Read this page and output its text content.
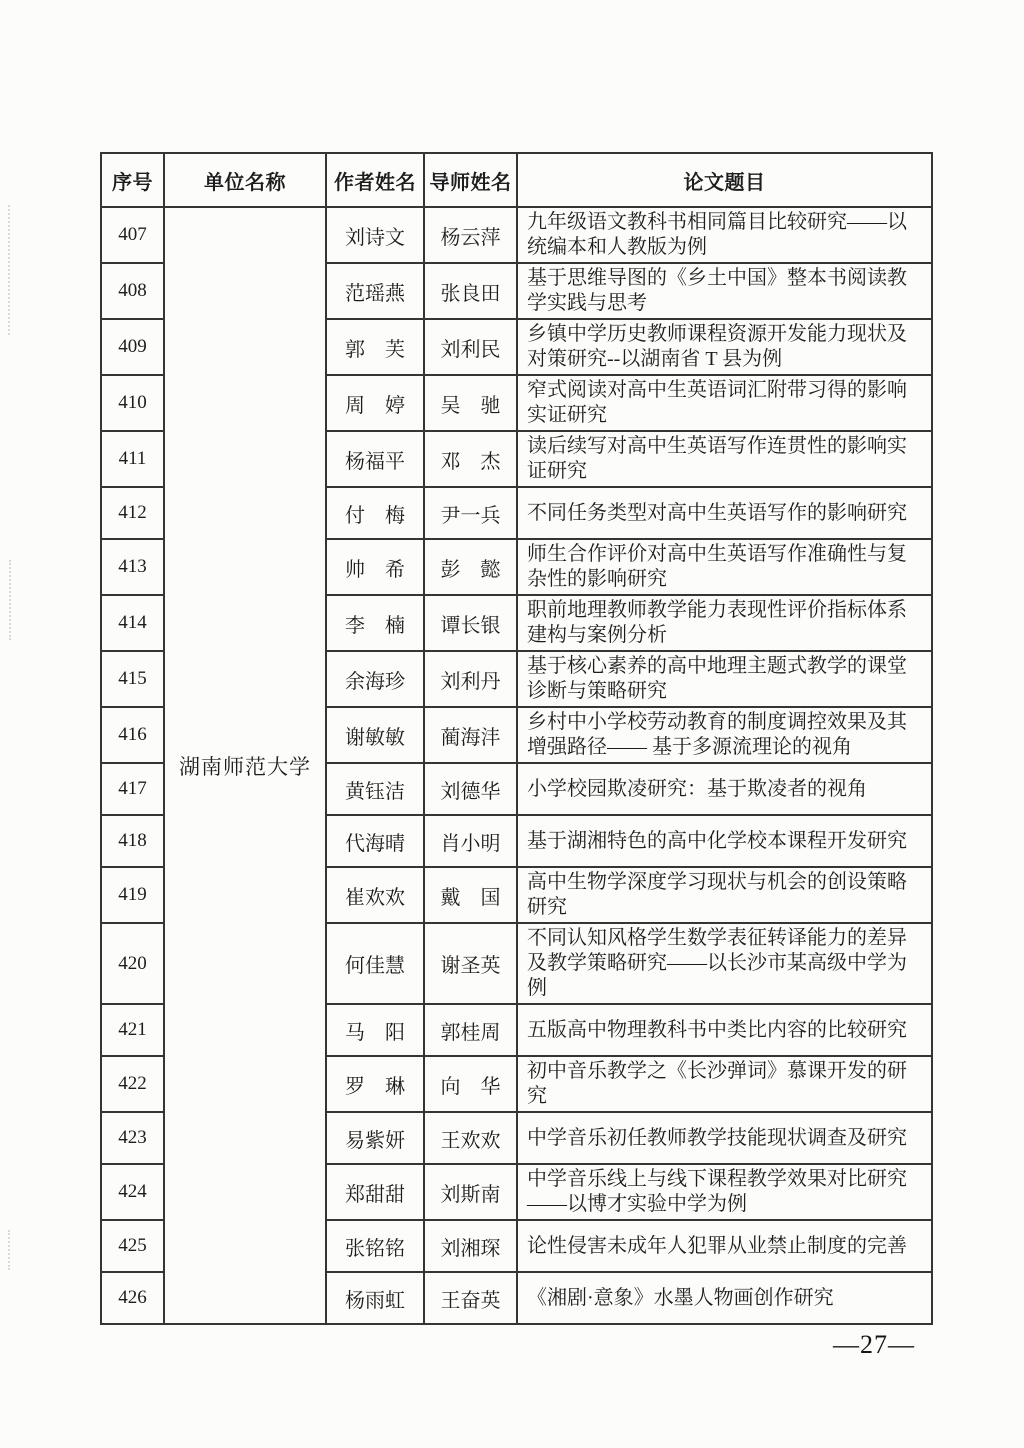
序号	单位名称	作者姓名	导师姓名	论文题目
407	湖南师范大学	刘诗文	杨云萍	九年级语文教科书相同篇目比较研究——以统编本和人教版为例
408		范瑶燕	张良田	基于思维导图的《乡土中国》整本书阅读教学实践与思考
409		郭　芙	刘利民	乡镇中学历史教师课程资源开发能力现状及对策研究--以湖南省 T 县为例
410		周　婷	吴　驰	窄式阅读对高中生英语词汇附带习得的影响实证研究
411		杨福平	邓　杰	读后续写对高中生英语写作连贯性的影响实证研究
412		付　梅	尹一兵	不同任务类型对高中生英语写作的影响研究
413		帅　希	彭　懿	师生合作评价对高中生英语写作准确性与复杂性的影响研究
414		李　楠	谭长银	职前地理教师教学能力表现性评价指标体系建构与案例分析
415		余海珍	刘利丹	基于核心素养的高中地理主题式教学的课堂诊断与策略研究
416		谢敏敏	蔺海沣	乡村中小学校劳动教育的制度调控效果及其增强路径—— 基于多源流理论的视角
417		黄钰洁	刘德华	小学校园欺凌研究：基于欺凌者的视角
418		代海晴	肖小明	基于湖湘特色的高中化学校本课程开发研究
419		崔欢欢	戴　国	高中生物学深度学习现状与机会的创设策略研究
420		何佳慧	谢圣英	不同认知风格学生数学表征转译能力的差异及教学策略研究——以长沙市某高级中学为例
421		马　阳	郭桂周	五版高中物理教科书中类比内容的比较研究
422		罗　琳	向　华	初中音乐教学之《长沙弹词》慕课开发的研究
423		易紫妍	王欢欢	中学音乐初任教师教学技能现状调查及研究
424		郑甜甜	刘斯南	中学音乐线上与线下课程教学效果对比研究——以博才实验中学为例
425		张铭铭	刘湘琛	论性侵害未成年人犯罪从业禁止制度的完善
426		杨雨虹	王奋英	《湘剧·意象》水墨人物画创作研究
—27—
